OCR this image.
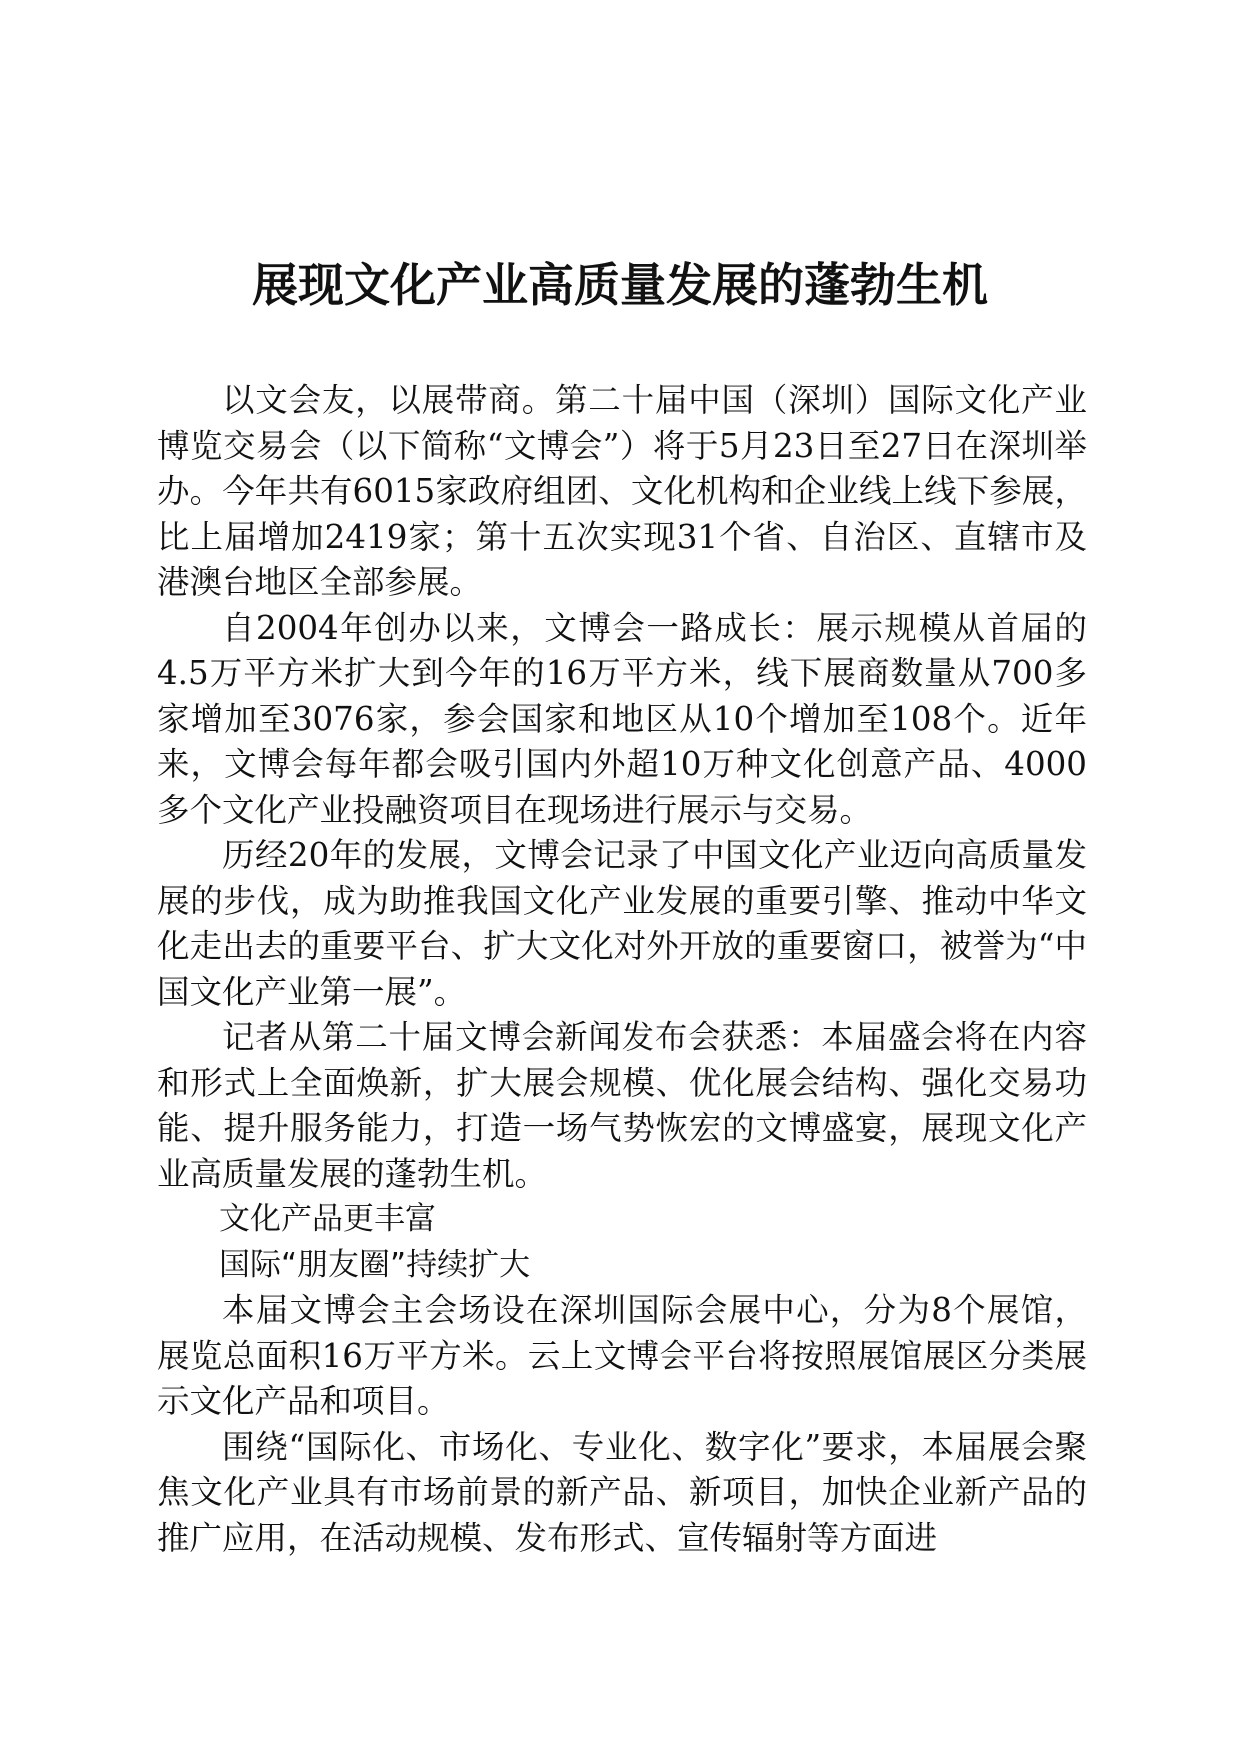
展现文化产业高质量发展的蓬勃生机

以文会友，以展带商。第二十届中国（深圳）国际文化产业博览交易会（以下简称“文博会”）将于5月23日至27日在深圳举办。今年共有6015家政府组团、文化机构和企业线上线下参展，比上届增加2419家；第十五次实现31个省、自治区、直辖市及港澳台地区全部参展。

自2004年创办以来，文博会一路成长：展示规模从首届的4.5万平方米扩大到今年的16万平方米，线下展商数量从700多家增加至3076家，参会国家和地区从10个增加至108个。近年来，文博会每年都会吸引国内外超10万种文化创意产品、4000多个文化产业投融资项目在现场进行展示与交易。

历经20年的发展，文博会记录了中国文化产业迈向高质量发展的步伐，成为助推我国文化产业发展的重要引擎、推动中华文化走出去的重要平台、扩大文化对外开放的重要窗口，被誉为“中国文化产业第一展”。

记者从第二十届文博会新闻发布会获悉：本届盛会将在内容和形式上全面焕新，扩大展会规模、优化展会结构、强化交易功能、提升服务能力，打造一场气势恢宏的文博盛宴，展现文化产业高质量发展的蓬勃生机。

文化产品更丰富

国际“朋友圈”持续扩大

本届文博会主会场设在深圳国际会展中心，分为8个展馆，展览总面积16万平方米。云上文博会平台将按照展馆展区分类展示文化产品和项目。

围绕“国际化、市场化、专业化、数字化”要求，本届展会聚焦文化产业具有市场前景的新产品、新项目，加快企业新产品的推广应用，在活动规模、发布形式、宣传辐射等方面进
